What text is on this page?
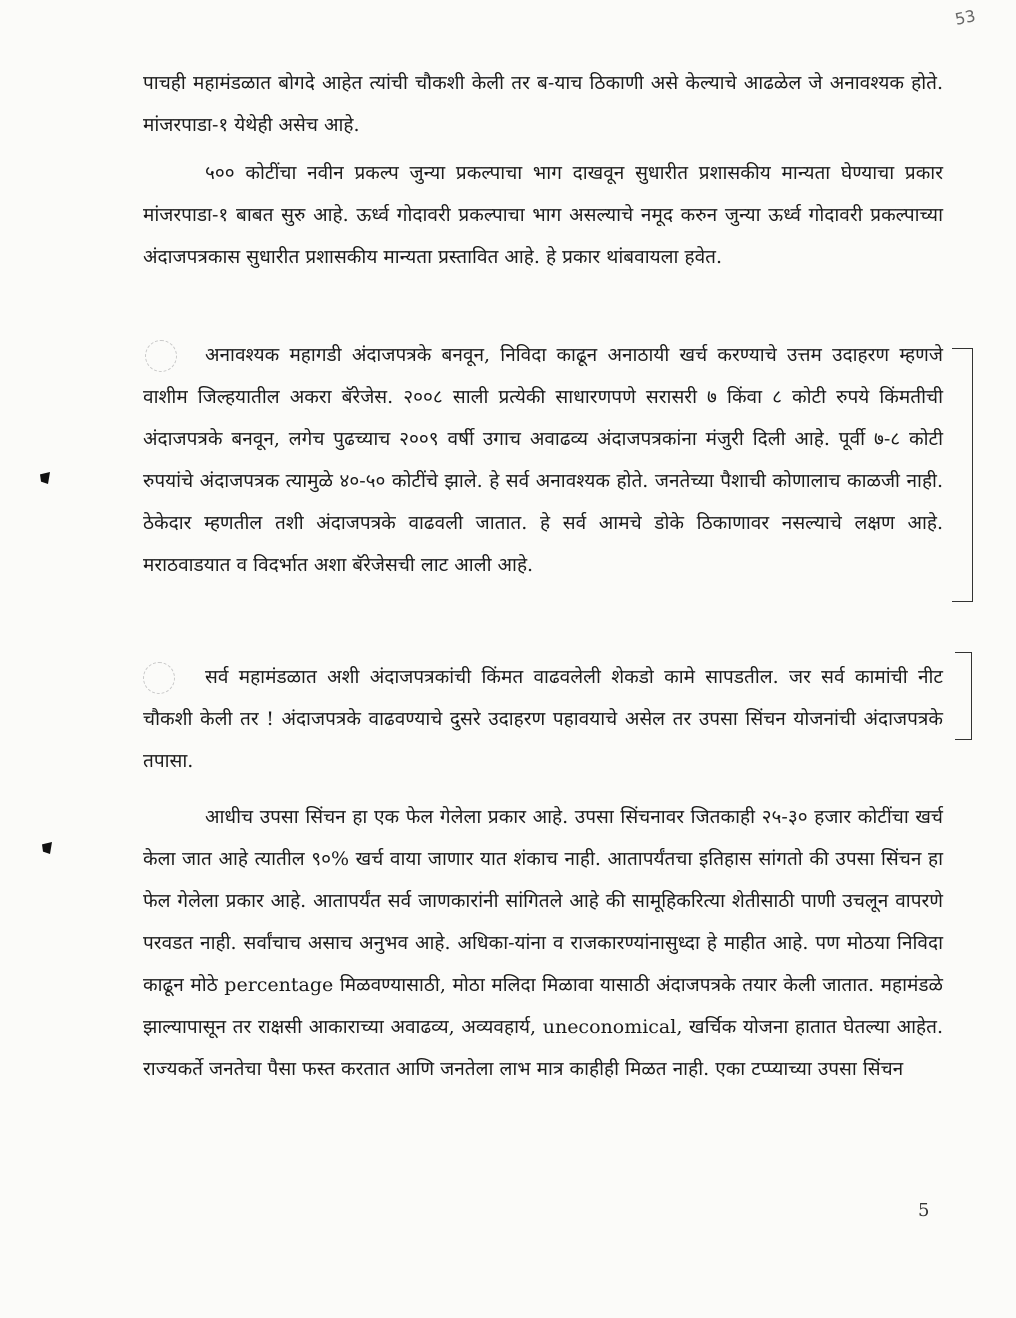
53

पाचही महामंडळात बोगदे आहेत त्यांची चौकशी केली तर ब-याच ठिकाणी असे केल्याचे आढळेल जे अनावश्यक होते. मांजरपाडा-१ येथेही असेच आहे.

५०० कोटींचा नवीन प्रकल्प जुन्या प्रकल्पाचा भाग दाखवून सुधारीत प्रशासकीय मान्यता घेण्याचा प्रकार मांजरपाडा-१ बाबत सुरु आहे. ऊर्ध्व गोदावरी प्रकल्पाचा भाग असल्याचे नमूद करुन जुन्या ऊर्ध्व गोदावरी प्रकल्पाच्या अंदाजपत्रकास सुधारीत प्रशासकीय मान्यता प्रस्तावित आहे. हे प्रकार थांबवायला हवेत.

अनावश्यक महागडी अंदाजपत्रके बनवून, निविदा काढून अनाठायी खर्च करण्याचे उत्तम उदाहरण म्हणजे वाशीम जिल्हयातील अकरा बॅरेजेस. २००८ साली प्रत्येकी साधारणपणे सरासरी ७ किंवा ८ कोटी रुपये किंमतीची अंदाजपत्रके बनवून, लगेच पुढच्याच २००९ वर्षी उगाच अवाढव्य अंदाजपत्रकांना मंजुरी दिली आहे. पूर्वी ७-८ कोटी रुपयांचे अंदाजपत्रक त्यामुळे ४०-५० कोटींचे झाले. हे सर्व अनावश्यक होते. जनतेच्या पैशाची कोणालाच काळजी नाही. ठेकेदार म्हणतील तशी अंदाजपत्रके वाढवली जातात. हे सर्व आमचे डोके ठिकाणावर नसल्याचे लक्षण आहे. मराठवाडयात व विदर्भात अशा बॅरेजेसची लाट आली आहे.

सर्व महामंडळात अशी अंदाजपत्रकांची किंमत वाढवलेली शेकडो कामे सापडतील. जर सर्व कामांची नीट चौकशी केली तर ! अंदाजपत्रके वाढवण्याचे दुसरे उदाहरण पहावयाचे असेल तर उपसा सिंचन योजनांची अंदाजपत्रके तपासा.

आधीच उपसा सिंचन हा एक फेल गेलेला प्रकार आहे. उपसा सिंचनावर जितकाही २५-३० हजार कोटींचा खर्च केला जात आहे त्यातील ९०% खर्च वाया जाणार यात शंकाच नाही. आतापर्यंतचा इतिहास सांगतो की उपसा सिंचन हा फेल गेलेला प्रकार आहे. आतापर्यंत सर्व जाणकारांनी सांगितले आहे की सामूहिकरित्या शेतीसाठी पाणी उचलून वापरणे परवडत नाही. सर्वांचाच असाच अनुभव आहे. अधिका-यांना व राजकारण्यांनासुध्दा हे माहीत आहे. पण मोठया निविदा काढून मोठे percentage मिळवण्यासाठी, मोठा मलिदा मिळावा यासाठी अंदाजपत्रके तयार केली जातात. महामंडळे झाल्यापासून तर राक्षसी आकाराच्या अवाढव्य, अव्यवहार्य, uneconomical, खर्चिक योजना हातात घेतल्या आहेत. राज्यकर्ते जनतेचा पैसा फस्त करतात आणि जनतेला लाभ मात्र काहीही मिळत नाही. एका टप्प्याच्या उपसा सिंचन

5
